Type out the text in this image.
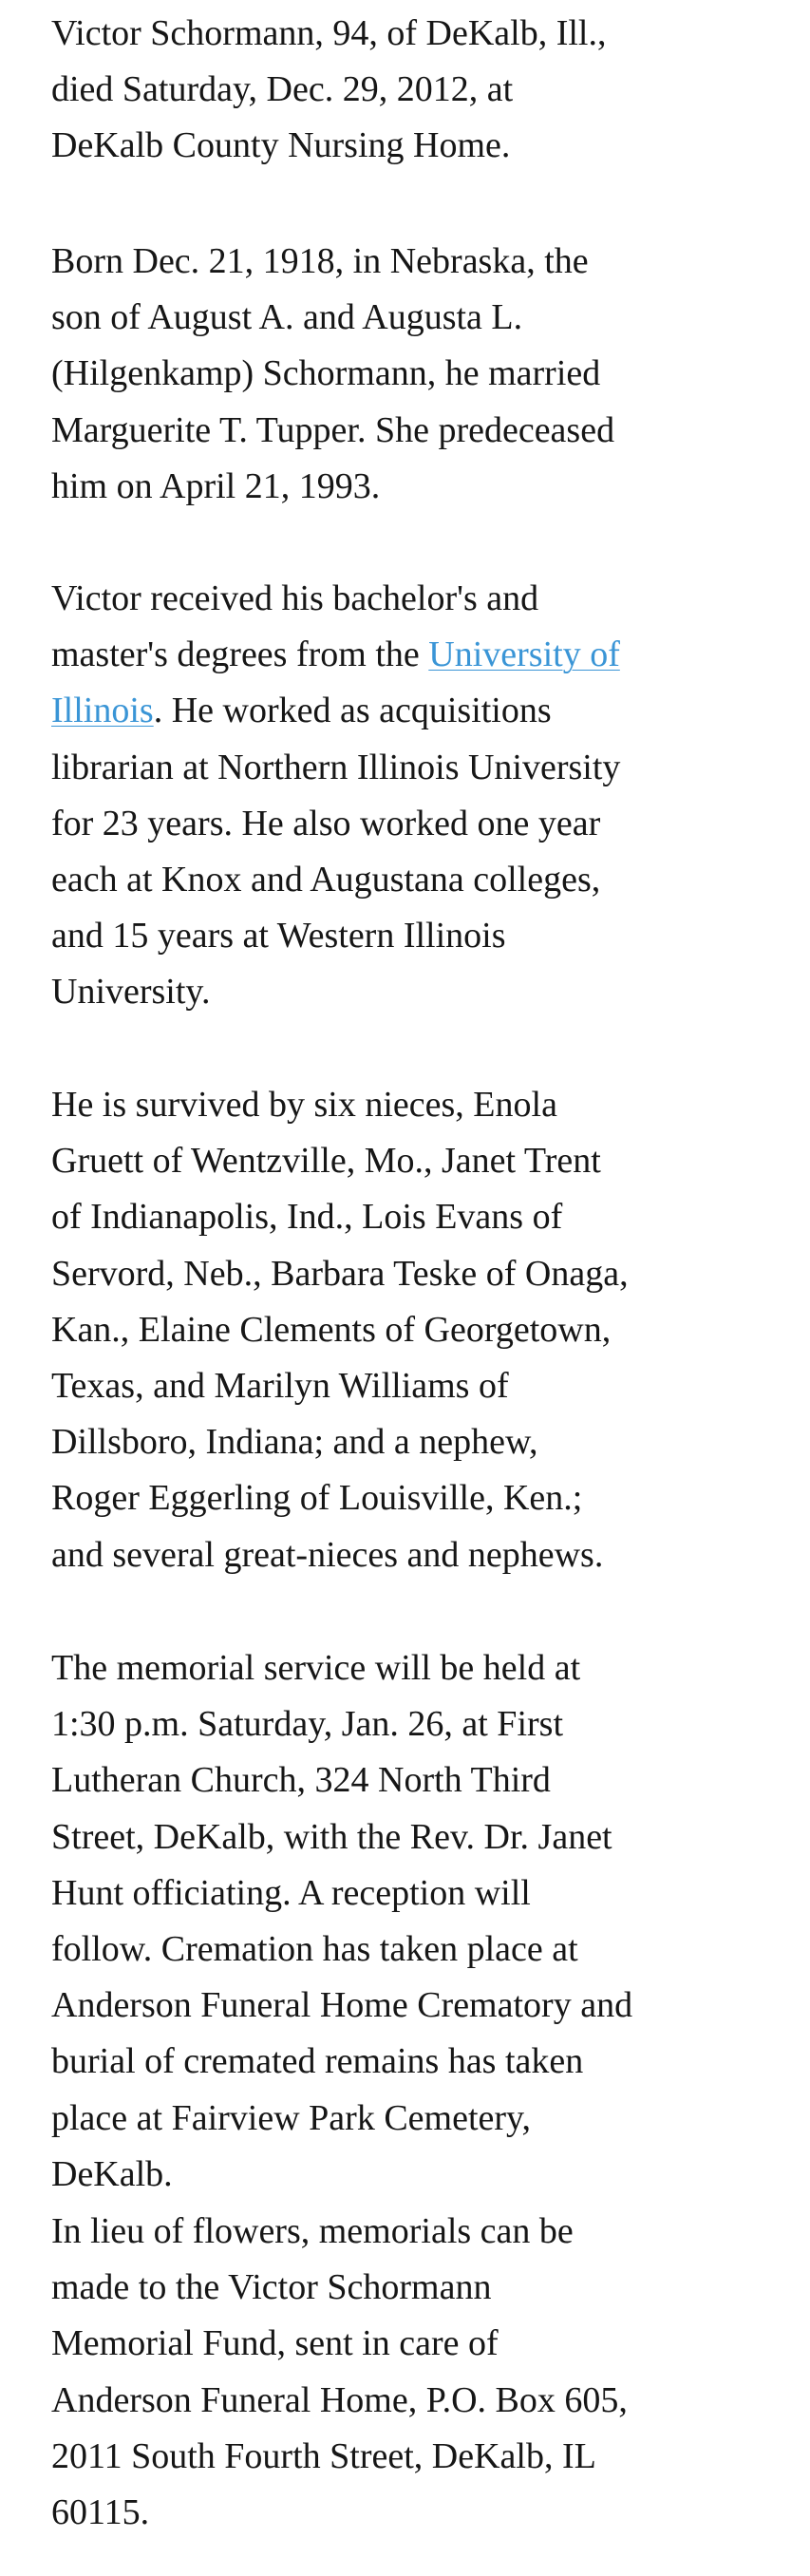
Victor Schormann, 94, of DeKalb, Ill.,
died Saturday, Dec. 29, 2012, at
DeKalb County Nursing Home.

Born Dec. 21, 1918, in Nebraska, the
son of August A. and Augusta L.
(Hilgenkamp) Schormann, he married
Marguerite T. Tupper. She predeceased
him on April 21, 1993.

Victor received his bachelor's and
master's degrees from the University of
Illinois. He worked as acquisitions
librarian at Northern Illinois University
for 23 years. He also worked one year
each at Knox and Augustana colleges,
and 15 years at Western Illinois
University.

He is survived by six nieces, Enola
Gruett of Wentzville, Mo., Janet Trent
of Indianapolis, Ind., Lois Evans of
Servord, Neb., Barbara Teske of Onaga,
Kan., Elaine Clements of Georgetown,
Texas, and Marilyn Williams of
Dillsboro, Indiana; and a nephew,
Roger Eggerling of Louisville, Ken.;
and several great-nieces and nephews.

The memorial service will be held at
1:30 p.m. Saturday, Jan. 26, at First
Lutheran Church, 324 North Third
Street, DeKalb, with the Rev. Dr. Janet
Hunt officiating. A reception will
follow. Cremation has taken place at
Anderson Funeral Home Crematory and
burial of cremated remains has taken
place at Fairview Park Cemetery,
DeKalb.

In lieu of flowers, memorials can be
made to the Victor Schormann
Memorial Fund, sent in care of
Anderson Funeral Home, P.O. Box 605,
2011 South Fourth Street, DeKalb, IL
60115.
